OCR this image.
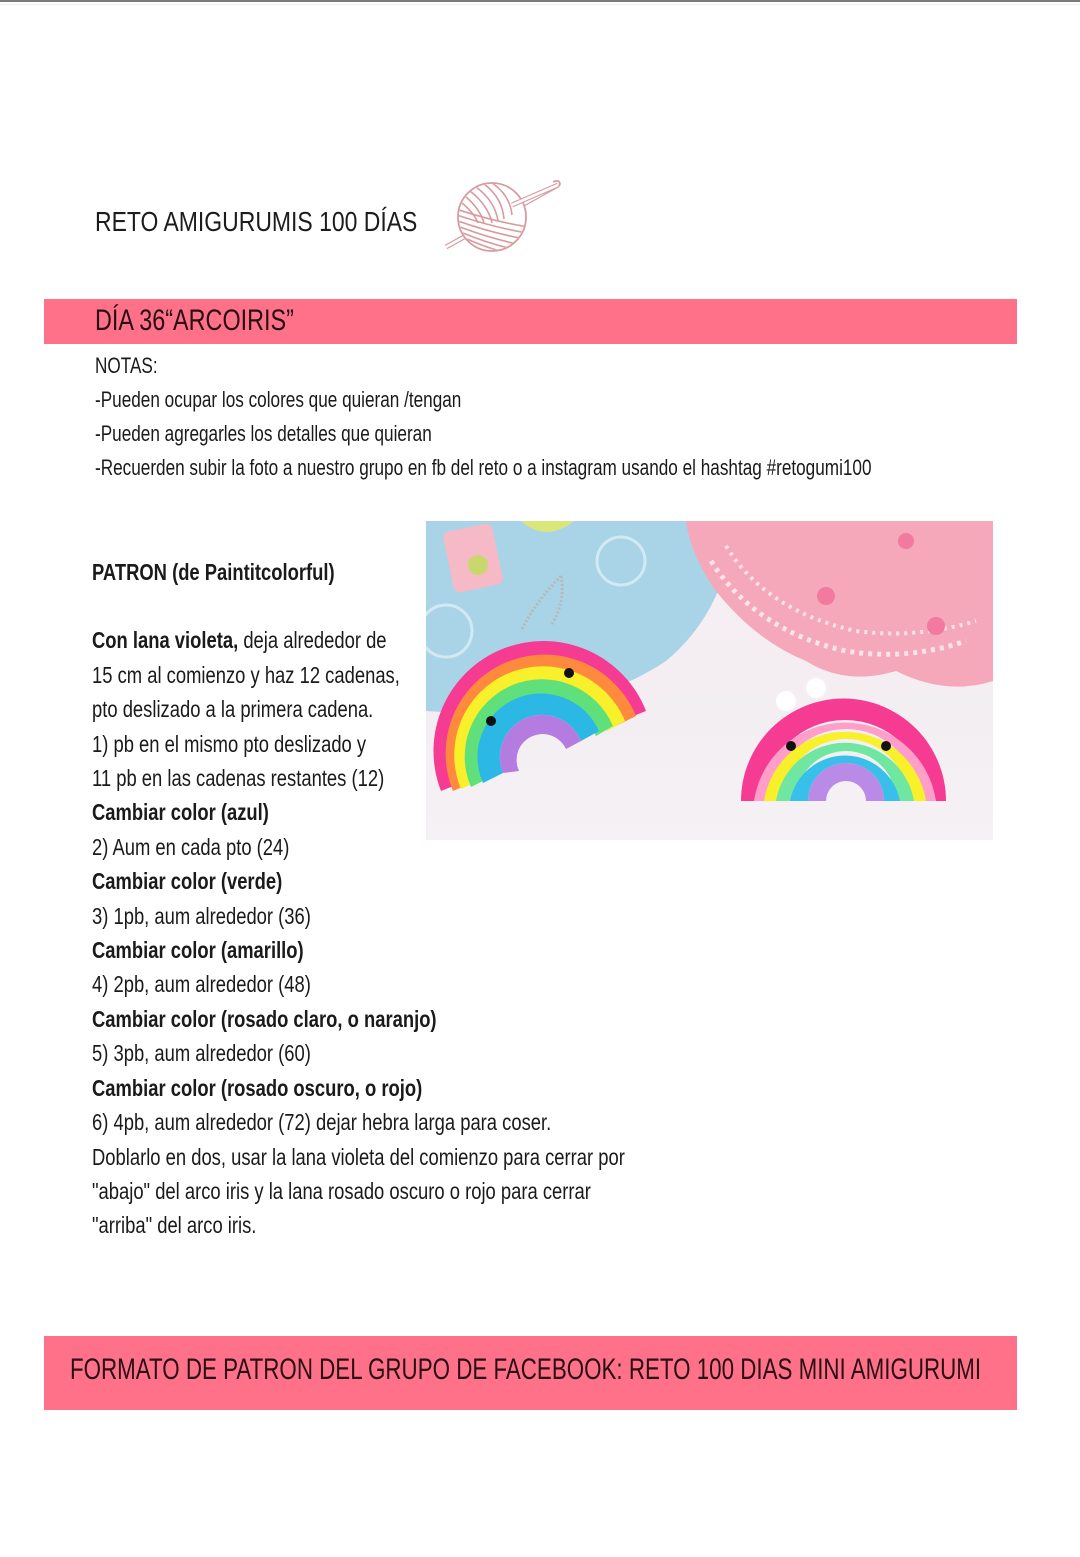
RETO AMIGURUMIS 100 DÍAS
DÍA 36“ARCOIRIS”
NOTAS:
-Pueden ocupar los colores que quieran /tengan
-Pueden agregarles los detalles que quieran
-Recuerden subir la foto a nuestro grupo en fb del reto o a instagram usando el hashtag #retogumi100
PATRON (de Paintitcolorful)
Con lana violeta, deja alrededor de
15 cm al comienzo y haz 12 cadenas,
pto deslizado a la primera cadena.
1) pb en el mismo pto deslizado y
11 pb en las cadenas restantes (12)
Cambiar color (azul)
2) Aum en cada pto (24)
Cambiar color (verde)
3) 1pb, aum alrededor (36)
Cambiar color (amarillo)
4) 2pb, aum alrededor (48)
Cambiar color (rosado claro, o naranjo)
5) 3pb, aum alrededor (60)
Cambiar color (rosado oscuro, o rojo)
6) 4pb, aum alrededor (72) dejar hebra larga para coser.
Doblarlo en dos, usar la lana violeta del comienzo para cerrar por
"abajo" del arco iris y la lana rosado oscuro o rojo para cerrar
"arriba" del arco iris.
FORMATO DE PATRON DEL GRUPO DE FACEBOOK: RETO 100 DIAS MINI AMIGURUMI
